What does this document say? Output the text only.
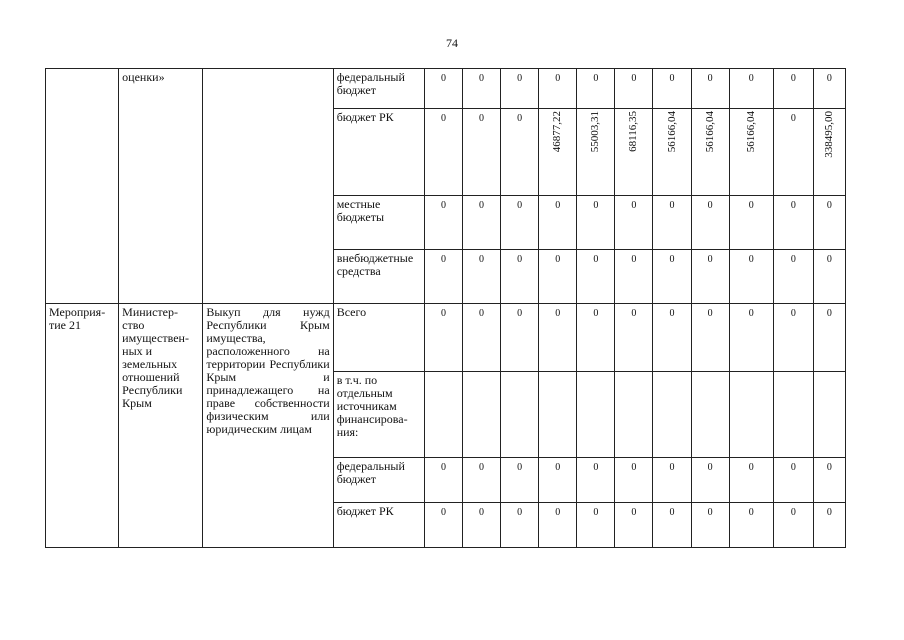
74
	оценки»		федеральный бюджет	0	0	0	0	0	0	0	0	0	0	0
			бюджет РК	0	0	0	46877,22	55003,31	68116,35	56166,04	56166,04	56166,04	0	338495,00
			местные бюджеты	0	0	0	0	0	0	0	0	0	0	0
			внебюджетные средства	0	0	0	0	0	0	0	0	0	0	0
Мероприя-тие 21	Министер-ство имуществен-ных и земельных отношений Республики Крым	Выкуп для нужд Республики Крым имущества, расположенного на территории Республики Крым и принадлежащего на праве собственности физическим или юридическим лицам	Всего	0	0	0	0	0	0	0	0	0	0	0
			в т.ч. по отдельным источникам финансирова-ния:											
			федеральный бюджет	0	0	0	0	0	0	0	0	0	0	0
			бюджет РК	0	0	0	0	0	0	0	0	0	0	0
